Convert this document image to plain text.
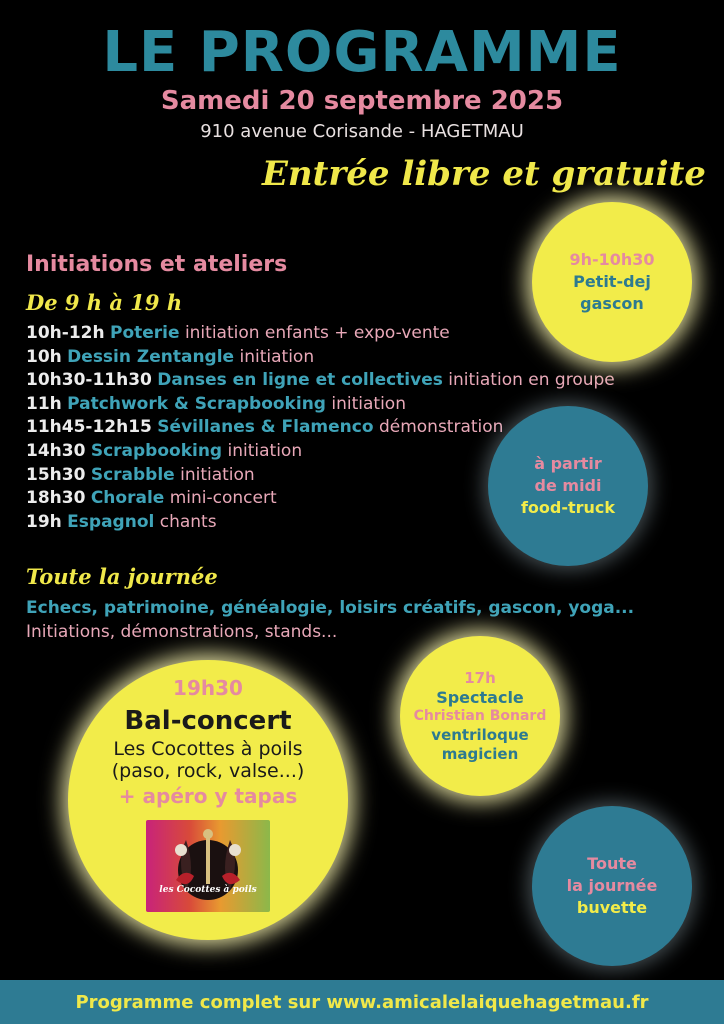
LE PROGRAMME
Samedi 20 septembre 2025
910 avenue Corisande - HAGETMAU
Entrée libre et gratuite
Initiations et ateliers
De 9 h à 19 h
10h-12h Poterie initiation enfants + expo-vente
10h Dessin Zentangle initiation
10h30-11h30 Danses en ligne et collectives initiation en groupe
11h Patchwork & Scrapbooking initiation
11h45-12h15 Sévillanes & Flamenco démonstration
14h30 Scrapbooking initiation
15h30 Scrabble initiation
18h30 Chorale mini-concert
19h Espagnol chants
Toute la journée
Echecs, patrimoine, généalogie, loisirs créatifs, gascon, yoga...
Initiations, démonstrations, stands...
9h-10h30
Petit-dej
gascon
à partir
de midi
food-truck
17h
Spectacle
Christian Bonard
ventriloque
magicien
Toute
la journée
buvette
19h30
Bal-concert
Les Cocottes à poils
(paso, rock, valse...)
+ apéro y tapas
les Cocottes à poils
Programme complet sur www.amicalelaiquehagetmau.fr
